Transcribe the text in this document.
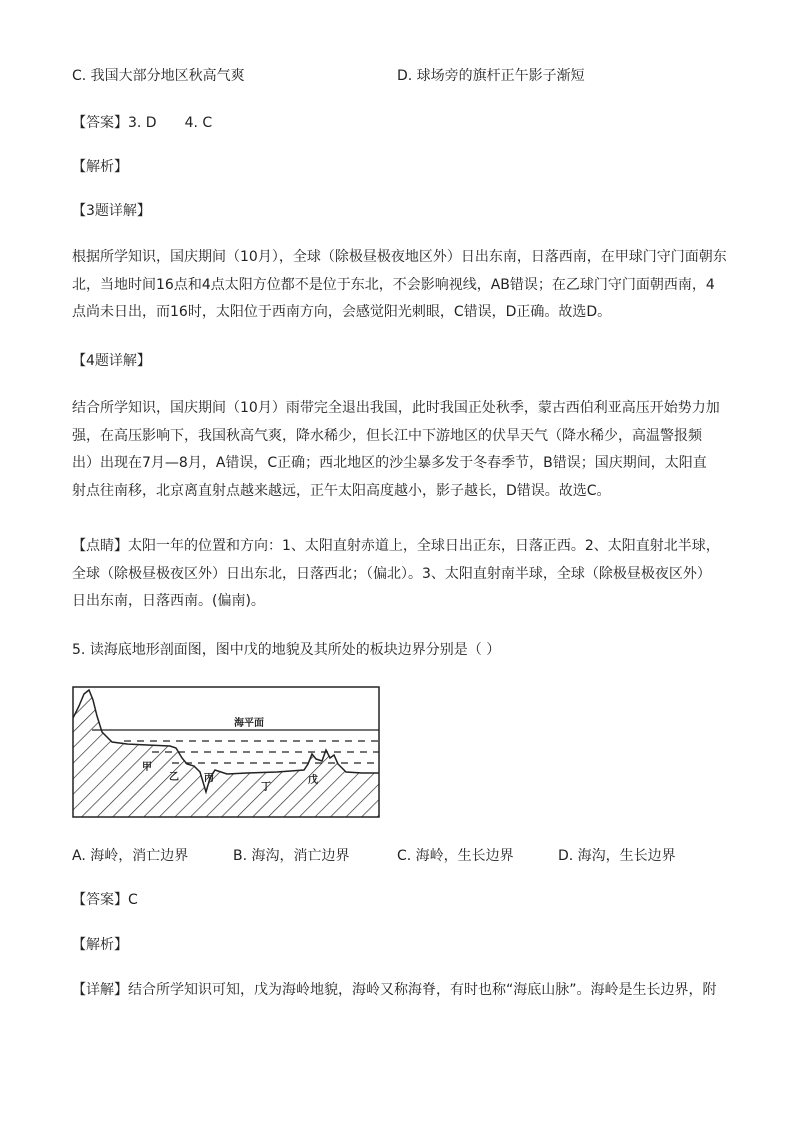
C. 我国大部分地区秋高气爽	D. 球场旁的旗杆正午影子渐短
【答案】3. D 4. C
【解析】
【3题详解】
根据所学知识，国庆期间（10月），全球（除极昼极夜地区外）日出东南，日落西南，在甲球门守门面朝东
北，当地时间16点和4点太阳方位都不是位于东北，不会影响视线，AB错误；在乙球门守门面朝西南，4
点尚未日出，而16时，太阳位于西南方向，会感觉阳光刺眼，C错误，D正确。故选D。
【4题详解】
结合所学知识，国庆期间（10月）雨带完全退出我国，此时我国正处秋季，蒙古西伯利亚高压开始势力加
强，在高压影响下，我国秋高气爽，降水稀少，但长江中下游地区的伏旱天气（降水稀少，高温警报频
出）出现在7月—8月，A错误，C正确；西北地区的沙尘暴多发于冬春季节，B错误；国庆期间，太阳直
射点往南移，北京离直射点越来越远，正午太阳高度越小，影子越长，D错误。故选C。
【点睛】太阳一年的位置和方向：1、太阳直射赤道上，全球日出正东，日落正西。2、太阳直射北半球，
全球（除极昼极夜区外）日出东北，日落西北；（偏北）。3、太阳直射南半球，全球（除极昼极夜区外）
日出东南，日落西南。(偏南)。
5. 读海底地形剖面图，图中戊的地貌及其所处的板块边界分别是（ ）
海平面
甲
乙	丙
丁
戊
A. 海岭，消亡边界	B. 海沟，消亡边界	C. 海岭，生长边界	D. 海沟，生长边界
【答案】C
【解析】
【详解】结合所学知识可知，戊为海岭地貌，海岭又称海脊，有时也称“海底山脉”。海岭是生长边界，附
